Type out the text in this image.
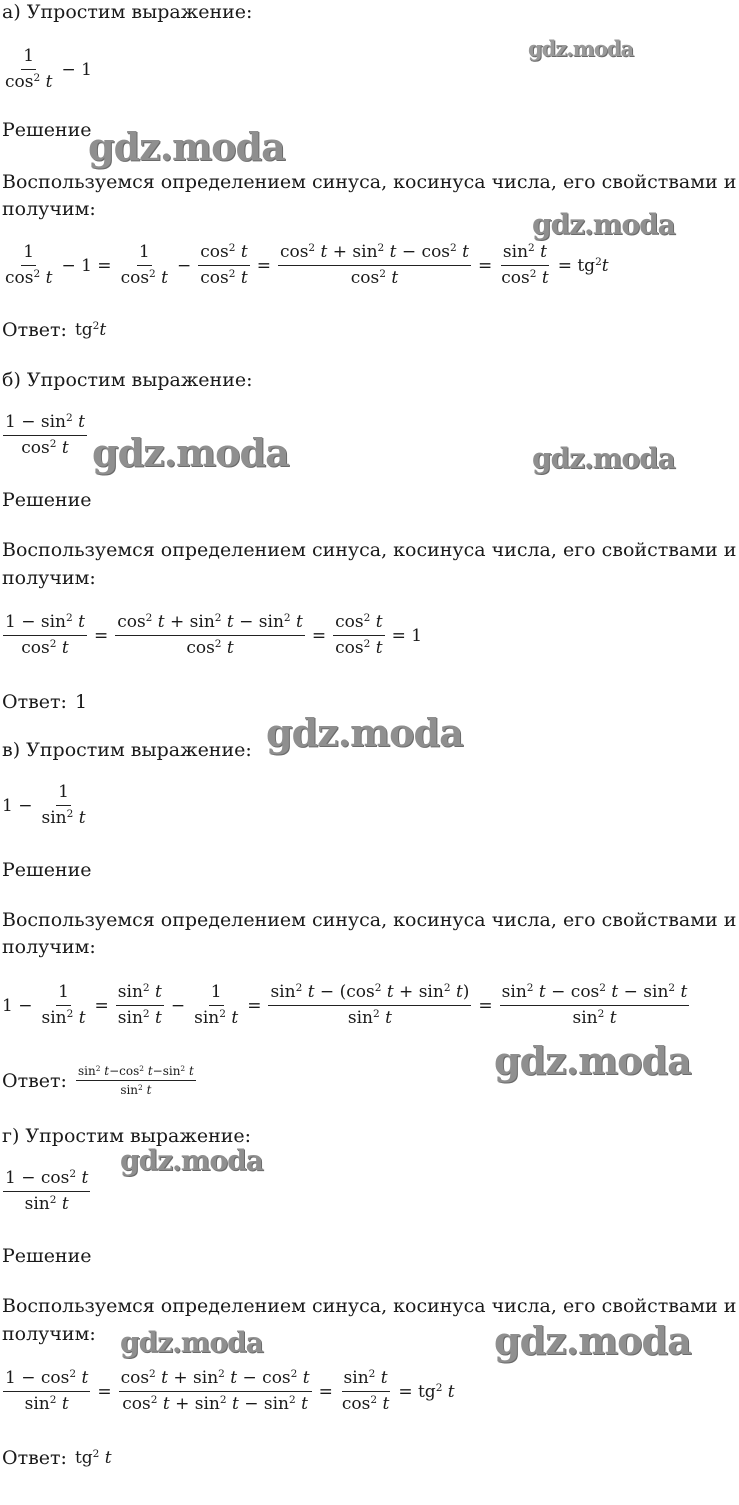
а) Упростим выражение:
$\frac{1}{\cos^2 t} - 1$
Решение
Воспользуемся определением синуса, косинуса числа, его свойствами и
получим:
$\frac{1}{\cos^2 t} - 1 = \frac{1}{\cos^2 t} - \frac{\cos^2 t}{\cos^2 t} = \frac{\cos^2 t + \sin^2 t - \cos^2 t}{\cos^2 t} = \frac{\sin^2 t}{\cos^2 t} = tg^2t$
Ответ: $tg^2t$
б) Упростим выражение:
$\frac{1 - \sin^2 t}{\cos^2 t}$
Решение
Воспользуемся определением синуса, косинуса числа, его свойствами и
получим:
$\frac{1 - \sin^2 t}{\cos^2 t} = \frac{\cos^2 t + \sin^2 t - \sin^2 t}{\cos^2 t} = \frac{\cos^2 t}{\cos^2 t} = 1$
Ответ: 1
в) Упростим выражение:
$1 - \frac{1}{\sin^2 t}$
Решение
Воспользуемся определением синуса, косинуса числа, его свойствами и
получим:
$1 - \frac{1}{\sin^2 t} = \frac{\sin^2 t}{\sin^2 t} - \frac{1}{\sin^2 t} = \frac{\sin^2 t - (\cos^2 t + \sin^2 t)}{\sin^2 t} = \frac{\sin^2 t - \cos^2 t - \sin^2 t}{\sin^2 t}$
Ответ: $\frac{\sin^2 t-\cos^2 t-\sin^2 t}{\sin^2 t}$
г) Упростим выражение:
$\frac{1 - \cos^2 t}{\sin^2 t}$
Решение
Воспользуемся определением синуса, косинуса числа, его свойствами и
получим:
$\frac{1 - \cos^2 t}{\sin^2 t} = \frac{\cos^2 t + \sin^2 t - \cos^2 t}{\cos^2 t + \sin^2 t - \sin^2 t} = \frac{\sin^2 t}{\cos^2 t} = tg^2$ t
Ответ: $tg^2$ t
gdz.moda
gdz.moda
gdz.moda
gdz.moda	gdz.moda
gdz.moda
gdz.moda
gdz.moda
gdz.moda	gdz.moda
